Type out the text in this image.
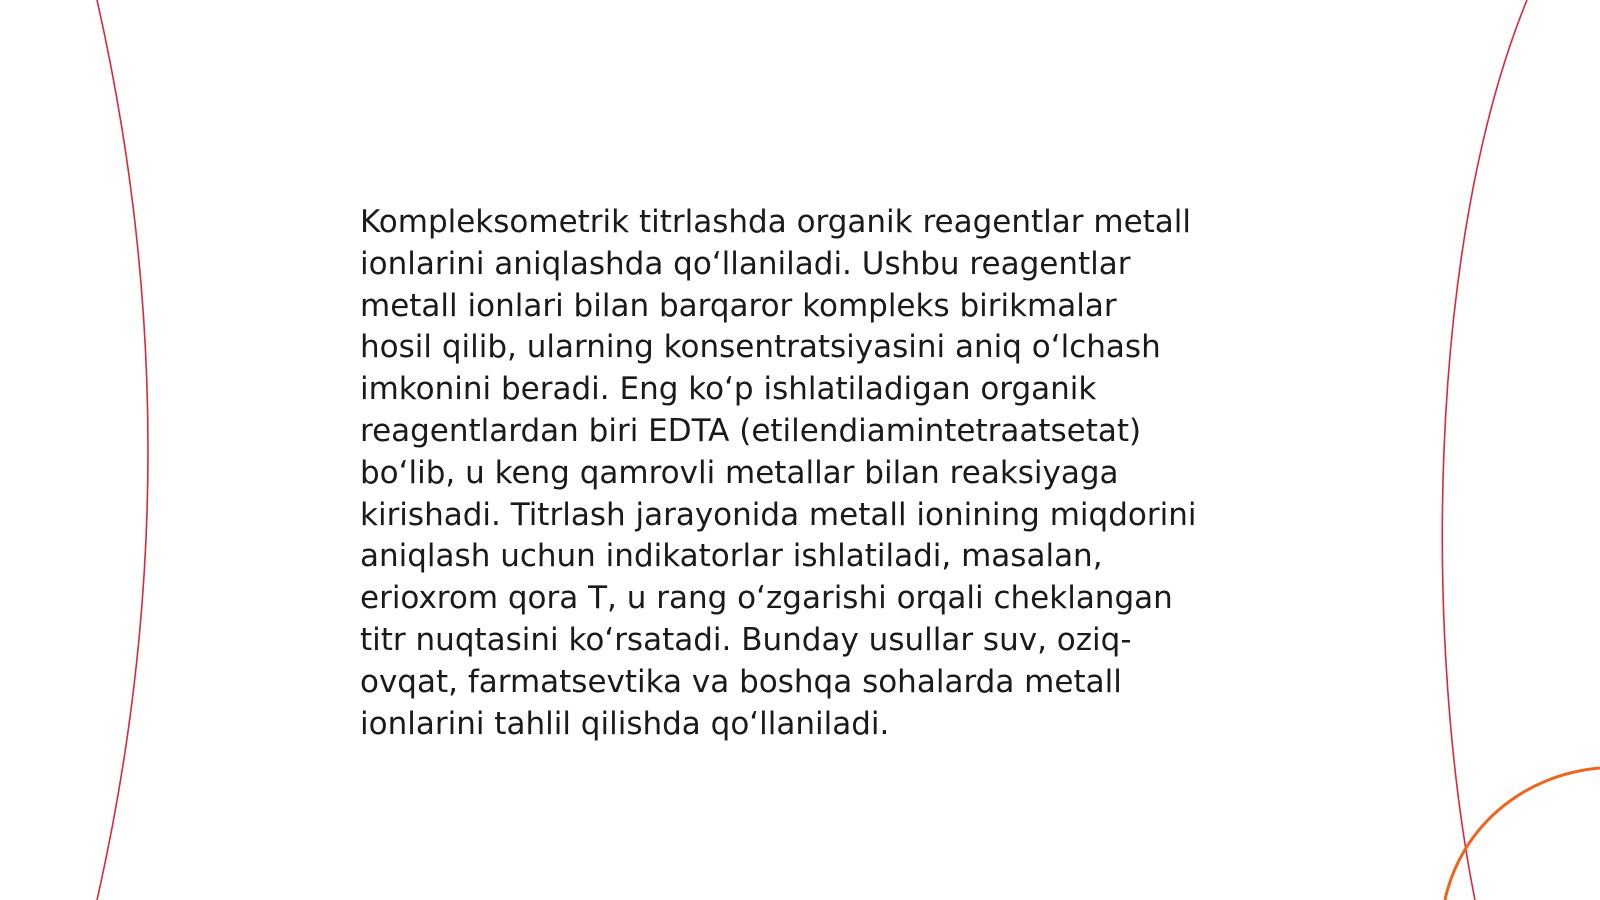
Kompleksometrik titrlashda organik reagentlar metall
ionlarini aniqlashda qo‘llaniladi. Ushbu reagentlar
metall ionlari bilan barqaror kompleks birikmalar
hosil qilib, ularning konsentratsiyasini aniq o‘lchash
imkonini beradi. Eng ko‘p ishlatiladigan organik
reagentlardan biri EDTA (etilendiamintetraatsetat)
bo‘lib, u keng qamrovli metallar bilan reaksiyaga
kirishadi. Titrlash jarayonida metall ionining miqdorini
aniqlash uchun indikatorlar ishlatiladi, masalan,
erioxrom qora T, u rang o‘zgarishi orqali cheklangan
titr nuqtasini ko‘rsatadi. Bunday usullar suv, oziq-
ovqat, farmatsevtika va boshqa sohalarda metall
ionlarini tahlil qilishda qo‘llaniladi.
